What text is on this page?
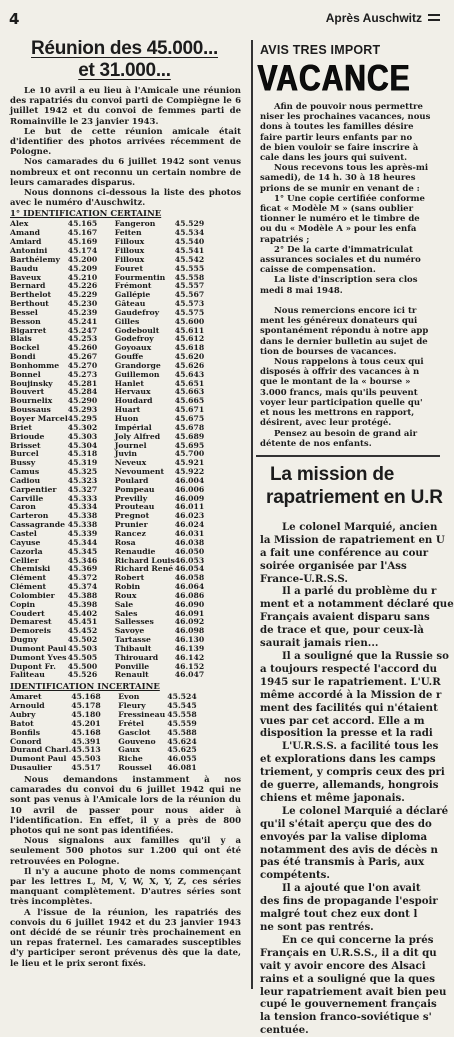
4	Après Auschwitz
Réunion des 45.000...
et 31.000...

Le 10 avril a eu lieu à l'Amicale une réunion des rapatriés du convoi parti de Compiègne le 6 juillet 1942 et du convoi de femmes parti de Romainville le 23 janvier 1943.

Le but de cette réunion amicale était d'identifier des photos arrivées récemment de Pologne.

Nos camarades du 6 juillet 1942 sont venus nombreux et ont reconnu un certain nombre de leurs camarades disparus.

Nous donnons ci-dessous la liste des photos avec le numéro d'Auschwitz.

1° IDENTIFICATION CERTAINE
Alex	45.165	Fangeron	45.529
Amand	45.167	Feiten	45.534
Amiard	45.169	Filloux	45.540
Antonini	45.174	Filloux	45.541
Barthélemy	45.200	Filloux	45.542
Baudu	45.209	Fouret	45.555
Baveux	45.210	Fourmentin	45.558
Bernard	45.226	Frémont	45.557
Berthelot	45.229	Gallépie	45.567
Berthout	45.230	Gâteau	45.573
Bessel	45.239	Gaudefroy	45.575
Besson	45.241	Gilles	45.600
Bigarret	45.247	Godeboult	45.611
Blais	45.253	Godefroy	45.612
Bockel	45.260	Goyoaux	45.618
Bondi	45.267	Gouffe	45.620
Bonhomme	45.270	Grandorge	45.626
Bonnel	45.273	Guillemon	45.643
Boujinsky	45.281	Hanlet	45.651
Bouvert	45.284	Hervaux	45.663
Bournelix	45.290	Houdard	45.665
Boussaus	45.293	Huart	45.671
Boyer Marcel	45.295	Huon	45.675
Briet	45.302	Impérial	45.678
Brioude	45.303	Joly Alfred	45.689
Brisset	45.304	Journel	45.695
Burcel	45.318	Juvin	45.700
Bussy	45.319	Neveux	45.921
Camus	45.325	Nevoument	45.922
Cadiou	45.323	Poulard	46.004
Carpentier	45.327	Pompeau	46.006
Carville	45.333	Previlly	46.009
Caron	45.334	Prouteau	46.011
Carteron	45.338	Pregnot	46.023
Cassagrande	45.338	Prunier	46.024
Castel	45.339	Rancez	46.031
Cayuse	45.344	Rosa	46.038
Cazorla	45.345	Renaudie	46.050
Cellier	45.346	Richard Louis	46.053
Chemiski	45.369	Richard René	46.054
Clément	45.372	Robert	46.058
Clément	45.374	Robin	46.064
Colombier	45.388	Roux	46.086
Copin	45.398	Sale	46.090
Coudert	45.402	Sales	46.091
Demarest	45.451	Sallesses	46.092
Demoreis	45.452	Savoye	46.098
Dugny	45.502	Tartasse	46.130
Dumont Paul	45.503	Thibault	46.139
Dumont Yves	45.505	Thirouard	46.142
Dupont Fr.	45.500	Ponville	46.152
Faliteau	45.526	Renault	46.047
IDENTIFICATION INCERTAINE
Amaret	45.168	Evon	45.524
Arnould	45.178	Fleury	45.545
Aubry	45.180	Fressineau	45.558
Batot	45.201	Frétel	45.559
Bonfils	45.168	Gasclot	45.588
Conord	45.391	Gouveno	45.624
Durand Charl.	45.513	Gaux	45.625
Dumont Paul	45.503	Riche	46.055
Dusaulier	45.517	Roussel	46.081

Nous demandons instamment à nos camarades du convoi du 6 juillet 1942 qui ne sont pas venus à l'Amicale lors de la réunion du 10 avril de passer pour nous aider à l'identification. En effet, il y a près de 800 photos qui ne sont pas identifiées.

Nous signalons aux familles qu'il y a seulement 500 photos sur 1.200 qui ont été retrouvées en Pologne.

Il n'y a aucune photo de noms commençant par les lettres L, M, V, W, X, Y, Z, ces séries manquant complètement. D'autres séries sont très incomplètes.

A l'issue de la réunion, les rapatriés des convois du 6 juillet 1942 et du 23 janvier 1943 ont décidé de se réunir très prochainement en un repas fraternel. Les camarades susceptibles d'y participer seront prévenus dès que la date, le lieu et le prix seront fixés.

AVIS TRES IMPORT
VACANCE
Afin de pouvoir nous permettre
niser les prochaines vacances, nous
dons à toutes les familles désire
faire partir leurs enfants par no
de bien vouloir se faire inscrire à
cale dans les jours qui suivent.
Nous recevons tous les après-mi
samedi), de 14 h. 30 à 18 heures
prions de se munir en venant de :
1° Une copie certifiée conforme
ficat « Modèle M » (sans oublier
tionner le numéro et le timbre de
ou du « Modèle A » pour les enfa
rapatriés ;
2° De la carte d'immatriculat
assurances sociales et du numéro
caisse de compensation.
La liste d'inscription sera clos
medi 8 mai 1948.

Nous remercions encore ici tr
ment les généreux donateurs qui
spontanément répondu à notre app
dans le dernier bulletin au sujet de
tion de bourses de vacances.
Nous rappelons à tous ceux qui
disposés à offrir des vacances à n
que le montant de la « bourse »
3.000 francs, mais qu'ils peuvent
voyer leur participation quelle qu'
et nous les mettrons en rapport,
désirent, avec leur protégé.
Pensez au besoin de grand air
détente de nos enfants.
La mission de
rapatriement en U.R
Le colonel Marquié, ancien
la Mission de rapatriement en U
a fait une conférence au cour
soirée organisée par l'Ass
France-U.R.S.S.
Il a parlé du problème du r
ment et a notamment déclaré que
Français avaient disparu sans
de trace et que, pour ceux-là
saurait jamais rien...
Il a souligné que la Russie so
a toujours respecté l'accord du
1945 sur le rapatriement. L'U.R
même accordé à la Mission de r
ment des facilités qui n'étaient
vues par cet accord. Elle a m
disposition la presse et la radi
L'U.R.S.S. a facilité tous les
et explorations dans les camps
triement, y compris ceux des pri
de guerre, allemands, hongrois
chiens et même japonais.
Le colonel Marquié a déclaré
qu'il s'était aperçu que des do
envoyés par la valise diploma
notamment des avis de décès n
pas été transmis à Paris, aux
compétents.
Il a ajouté que l'on avait
des fins de propagande l'espoir
malgré tout chez eux dont l
ne sont pas rentrés.
En ce qui concerne la prés
Français en U.R.S.S., il a dit qu
vait y avoir encore des Alsaci
rains et a souligné que la ques
leur rapatriement avait bien peu
cupé le gouvernement français
la tension franco-soviétique s'
centuée.
